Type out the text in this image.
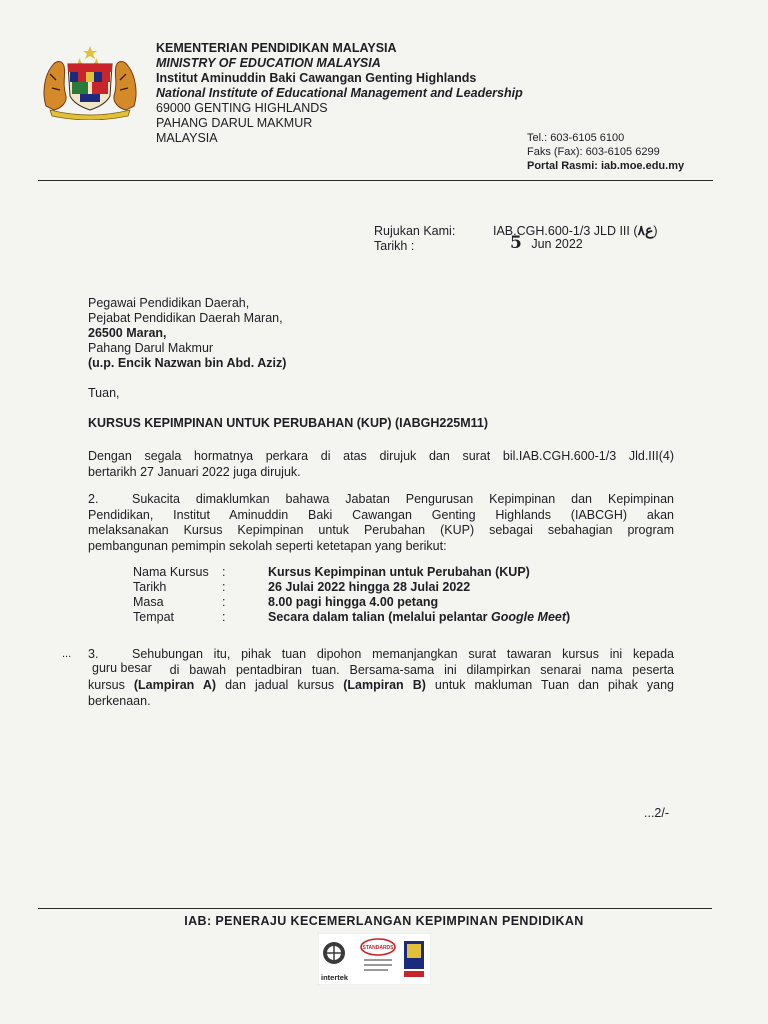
KEMENTERIAN PENDIDIKAN MALAYSIA
MINISTRY OF EDUCATION MALAYSIA
Institut Aminuddin Baki Cawangan Genting Highlands
National Institute of Educational Management and Leadership
69000 GENTING HIGHLANDS
PAHANG DARUL MAKMUR
MALAYSIA	Tel.: 603-6105 6100
Faks (Fax): 603-6105 6299
Portal Rasmi: iab.moe.edu.my
Rujukan Kami:	IAB.CGH.600-1/3 JLD III (ع٨)
Tarikh :	5 Jun 2022
Pegawai Pendidikan Daerah,
Pejabat Pendidikan Daerah Maran,
26500 Maran,
Pahang Darul Makmur
(u.p. Encik Nazwan bin Abd. Aziz)
Tuan,
KURSUS KEPIMPINAN UNTUK PERUBAHAN (KUP) (IABGH225M11)
Dengan segala hormatnya perkara di atas dirujuk dan surat bil.IAB.CGH.600-1/3 Jld.III(4)
bertarikh 27 Januari 2022 juga dirujuk.
2.	Sukacita dimaklumkan bahawa Jabatan Pengurusan Kepimpinan dan Kepimpinan
Pendidikan, Institut Aminuddin Baki Cawangan Genting Highlands (IABCGH) akan
melaksanakan Kursus Kepimpinan untuk Perubahan (KUP) sebagai sebahagian program
pembangunan pemimpin sekolah seperti ketetapan yang berikut:
Nama Kursus :	Kursus Kepimpinan untuk Perubahan (KUP)
Tarikh	:	26 Julai 2022 hingga 28 Julai 2022
Masa	:	8.00 pagi hingga 4.00 petang
Tempat	:	Secara dalam talian (melalui pelantar Google Meet)
... 3.	Sehubungan itu, pihak tuan dipohon memanjangkan surat tawaran kursus ini kepada
guru besar di bawah pentadbiran tuan. Bersama-sama ini dilampirkan senarai nama peserta
kursus (Lampiran A) dan jadual kursus (Lampiran B) untuk makluman Tuan dan pihak yang
berkenaan.
...2/-
IAB: PENERAJU KECEMERLANGAN KEPIMPINAN PENDIDIKAN
intertek
STANDARDS
